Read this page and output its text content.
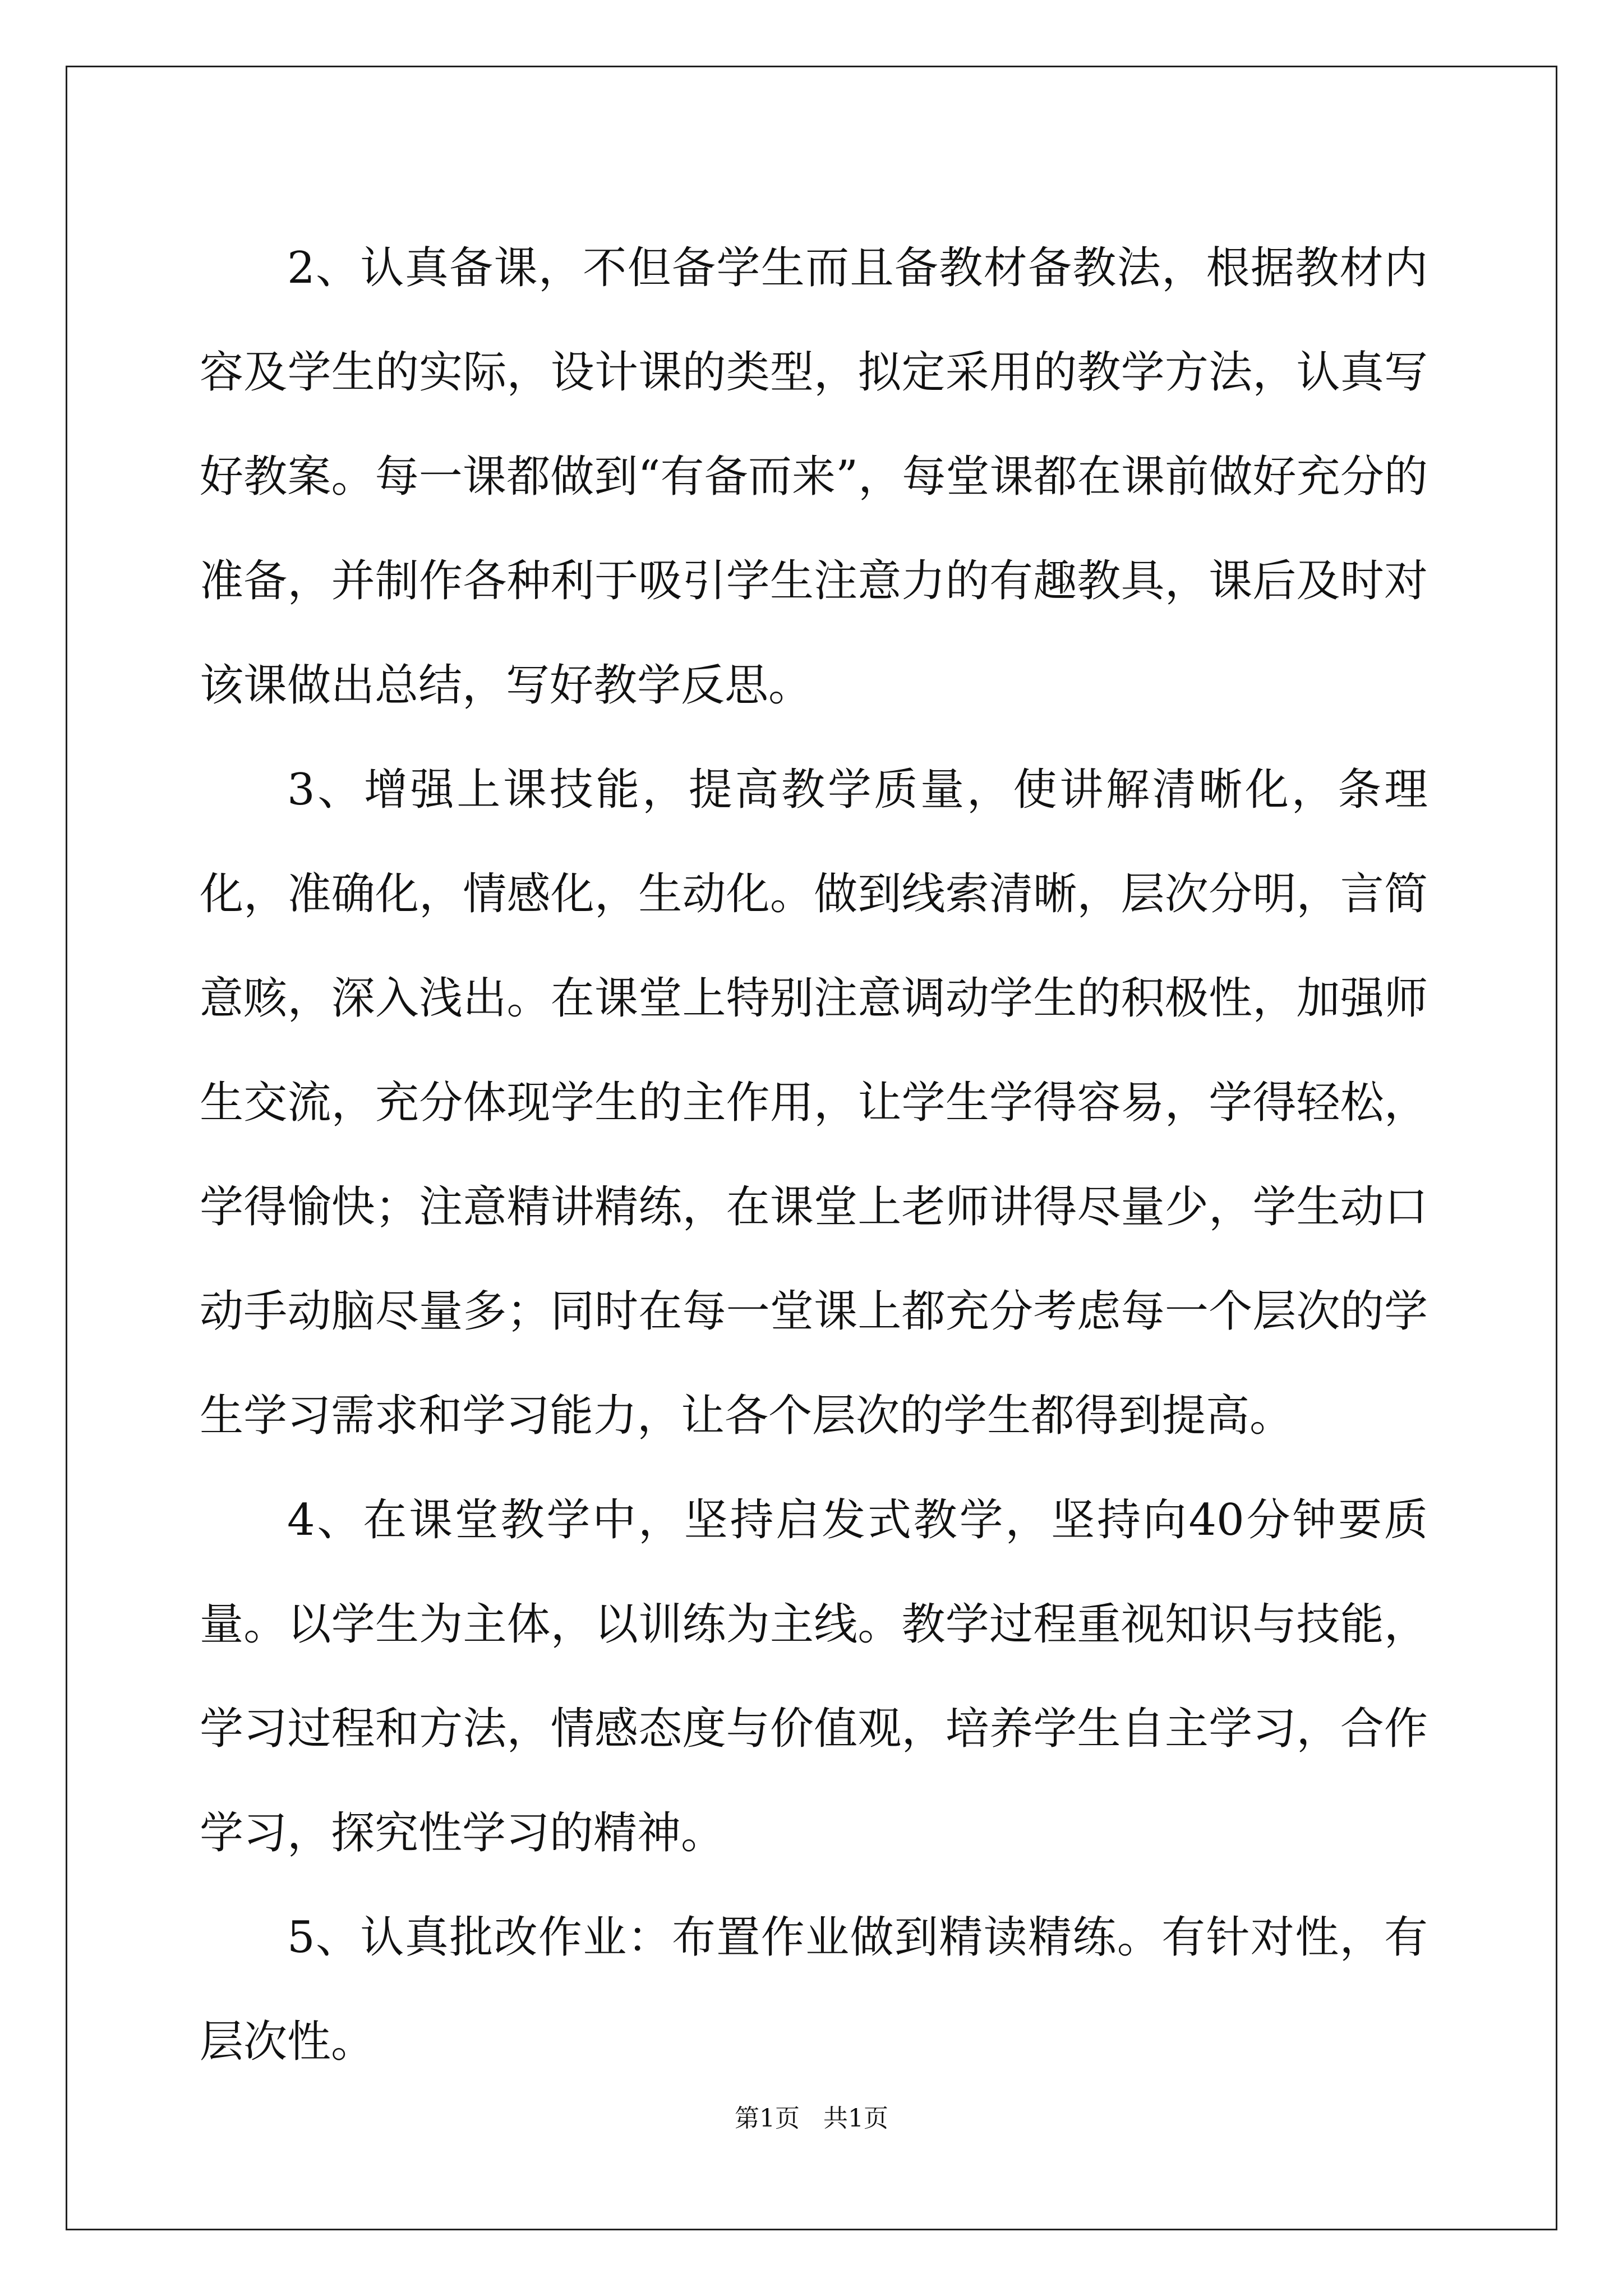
2、认真备课，不但备学生而且备教材备教法，根据教材内容及学生的实际，设计课的类型，拟定采用的教学方法，认真写好教案。每一课都做到“有备而来”，每堂课都在课前做好充分的准备，并制作各种利于吸引学生注意力的有趣教具，课后及时对该课做出总结，写好教学反思。

3、增强上课技能，提高教学质量，使讲解清晰化，条理化，准确化，情感化，生动化。做到线索清晰，层次分明，言简意赅，深入浅出。在课堂上特别注意调动学生的积极性，加强师生交流，充分体现学生的主作用，让学生学得容易，学得轻松，学得愉快；注意精讲精练，在课堂上老师讲得尽量少，学生动口动手动脑尽量多；同时在每一堂课上都充分考虑每一个层次的学生学习需求和学习能力，让各个层次的学生都得到提高。

4、在课堂教学中，坚持启发式教学，坚持向40分钟要质量。以学生为主体，以训练为主线。教学过程重视知识与技能，学习过程和方法，情感态度与价值观，培养学生自主学习，合作学习，探究性学习的精神。

5、认真批改作业：布置作业做到精读精练。有针对性，有层次性。

第1页 共1页
